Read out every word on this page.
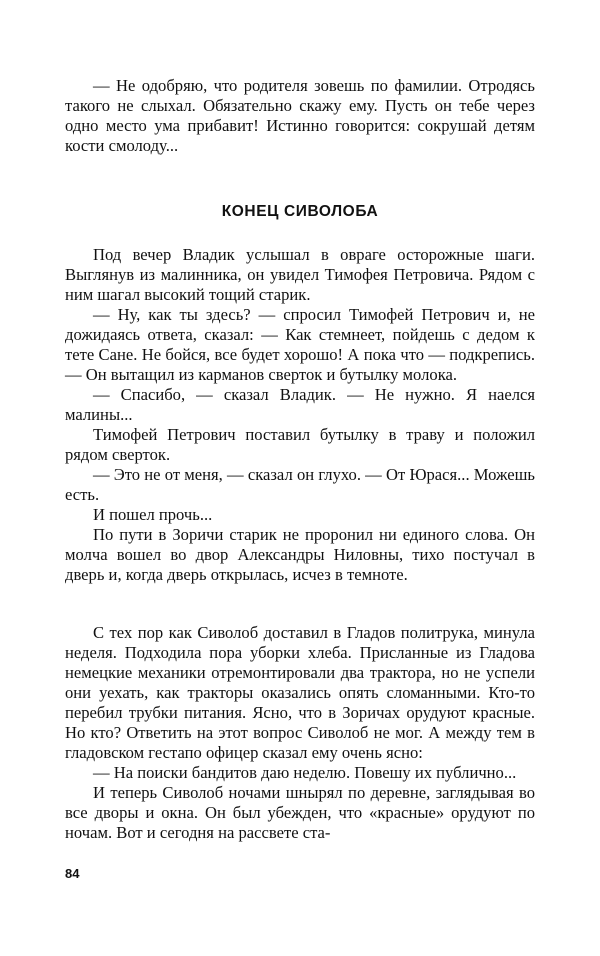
— Не одобряю, что родителя зовешь по фамилии. Отродясь такого не слыхал. Обязательно скажу ему. Пусть он тебе через одно место ума прибавит! Истинно говорится: сокрушай детям кости смолоду...

КОНЕЦ СИВОЛОБА

Под вечер Владик услышал в овраге осторожные шаги. Выглянув из малинника, он увидел Тимофея Петровича. Рядом с ним шагал высокий тощий старик.

— Ну, как ты здесь? — спросил Тимофей Петрович и, не дожидаясь ответа, сказал: — Как стемнеет, пойдешь с дедом к тете Сане. Не бойся, все будет хорошо! А пока что — подкрепись. — Он вытащил из карманов сверток и бутылку молока.

— Спасибо, — сказал Владик. — Не нужно. Я наелся малины...

Тимофей Петрович поставил бутылку в траву и положил рядом сверток.

— Это не от меня, — сказал он глухо. — От Юрася... Можешь есть.

И пошел прочь...

По пути в Зоричи старик не проронил ни единого слова. Он молча вошел во двор Александры Ниловны, тихо постучал в дверь и, когда дверь открылась, исчез в темноте.

С тех пор как Сиволоб доставил в Гладов политрука, минула неделя. Подходила пора уборки хлеба. Присланные из Гладова немецкие механики отремонтировали два трактора, но не успели они уехать, как тракторы оказались опять сломанными. Кто-то перебил трубки питания. Ясно, что в Зоричах орудуют красные. Но кто? Ответить на этот вопрос Сиволоб не мог. А между тем в гладовском гестапо офицер сказал ему очень ясно:

— На поиски бандитов даю неделю. Повешу их публично...

И теперь Сиволоб ночами шнырял по деревне, заглядывая во все дворы и окна. Он был убежден, что «красные» орудуют по ночам. Вот и сегодня на рассвете ста-

84
